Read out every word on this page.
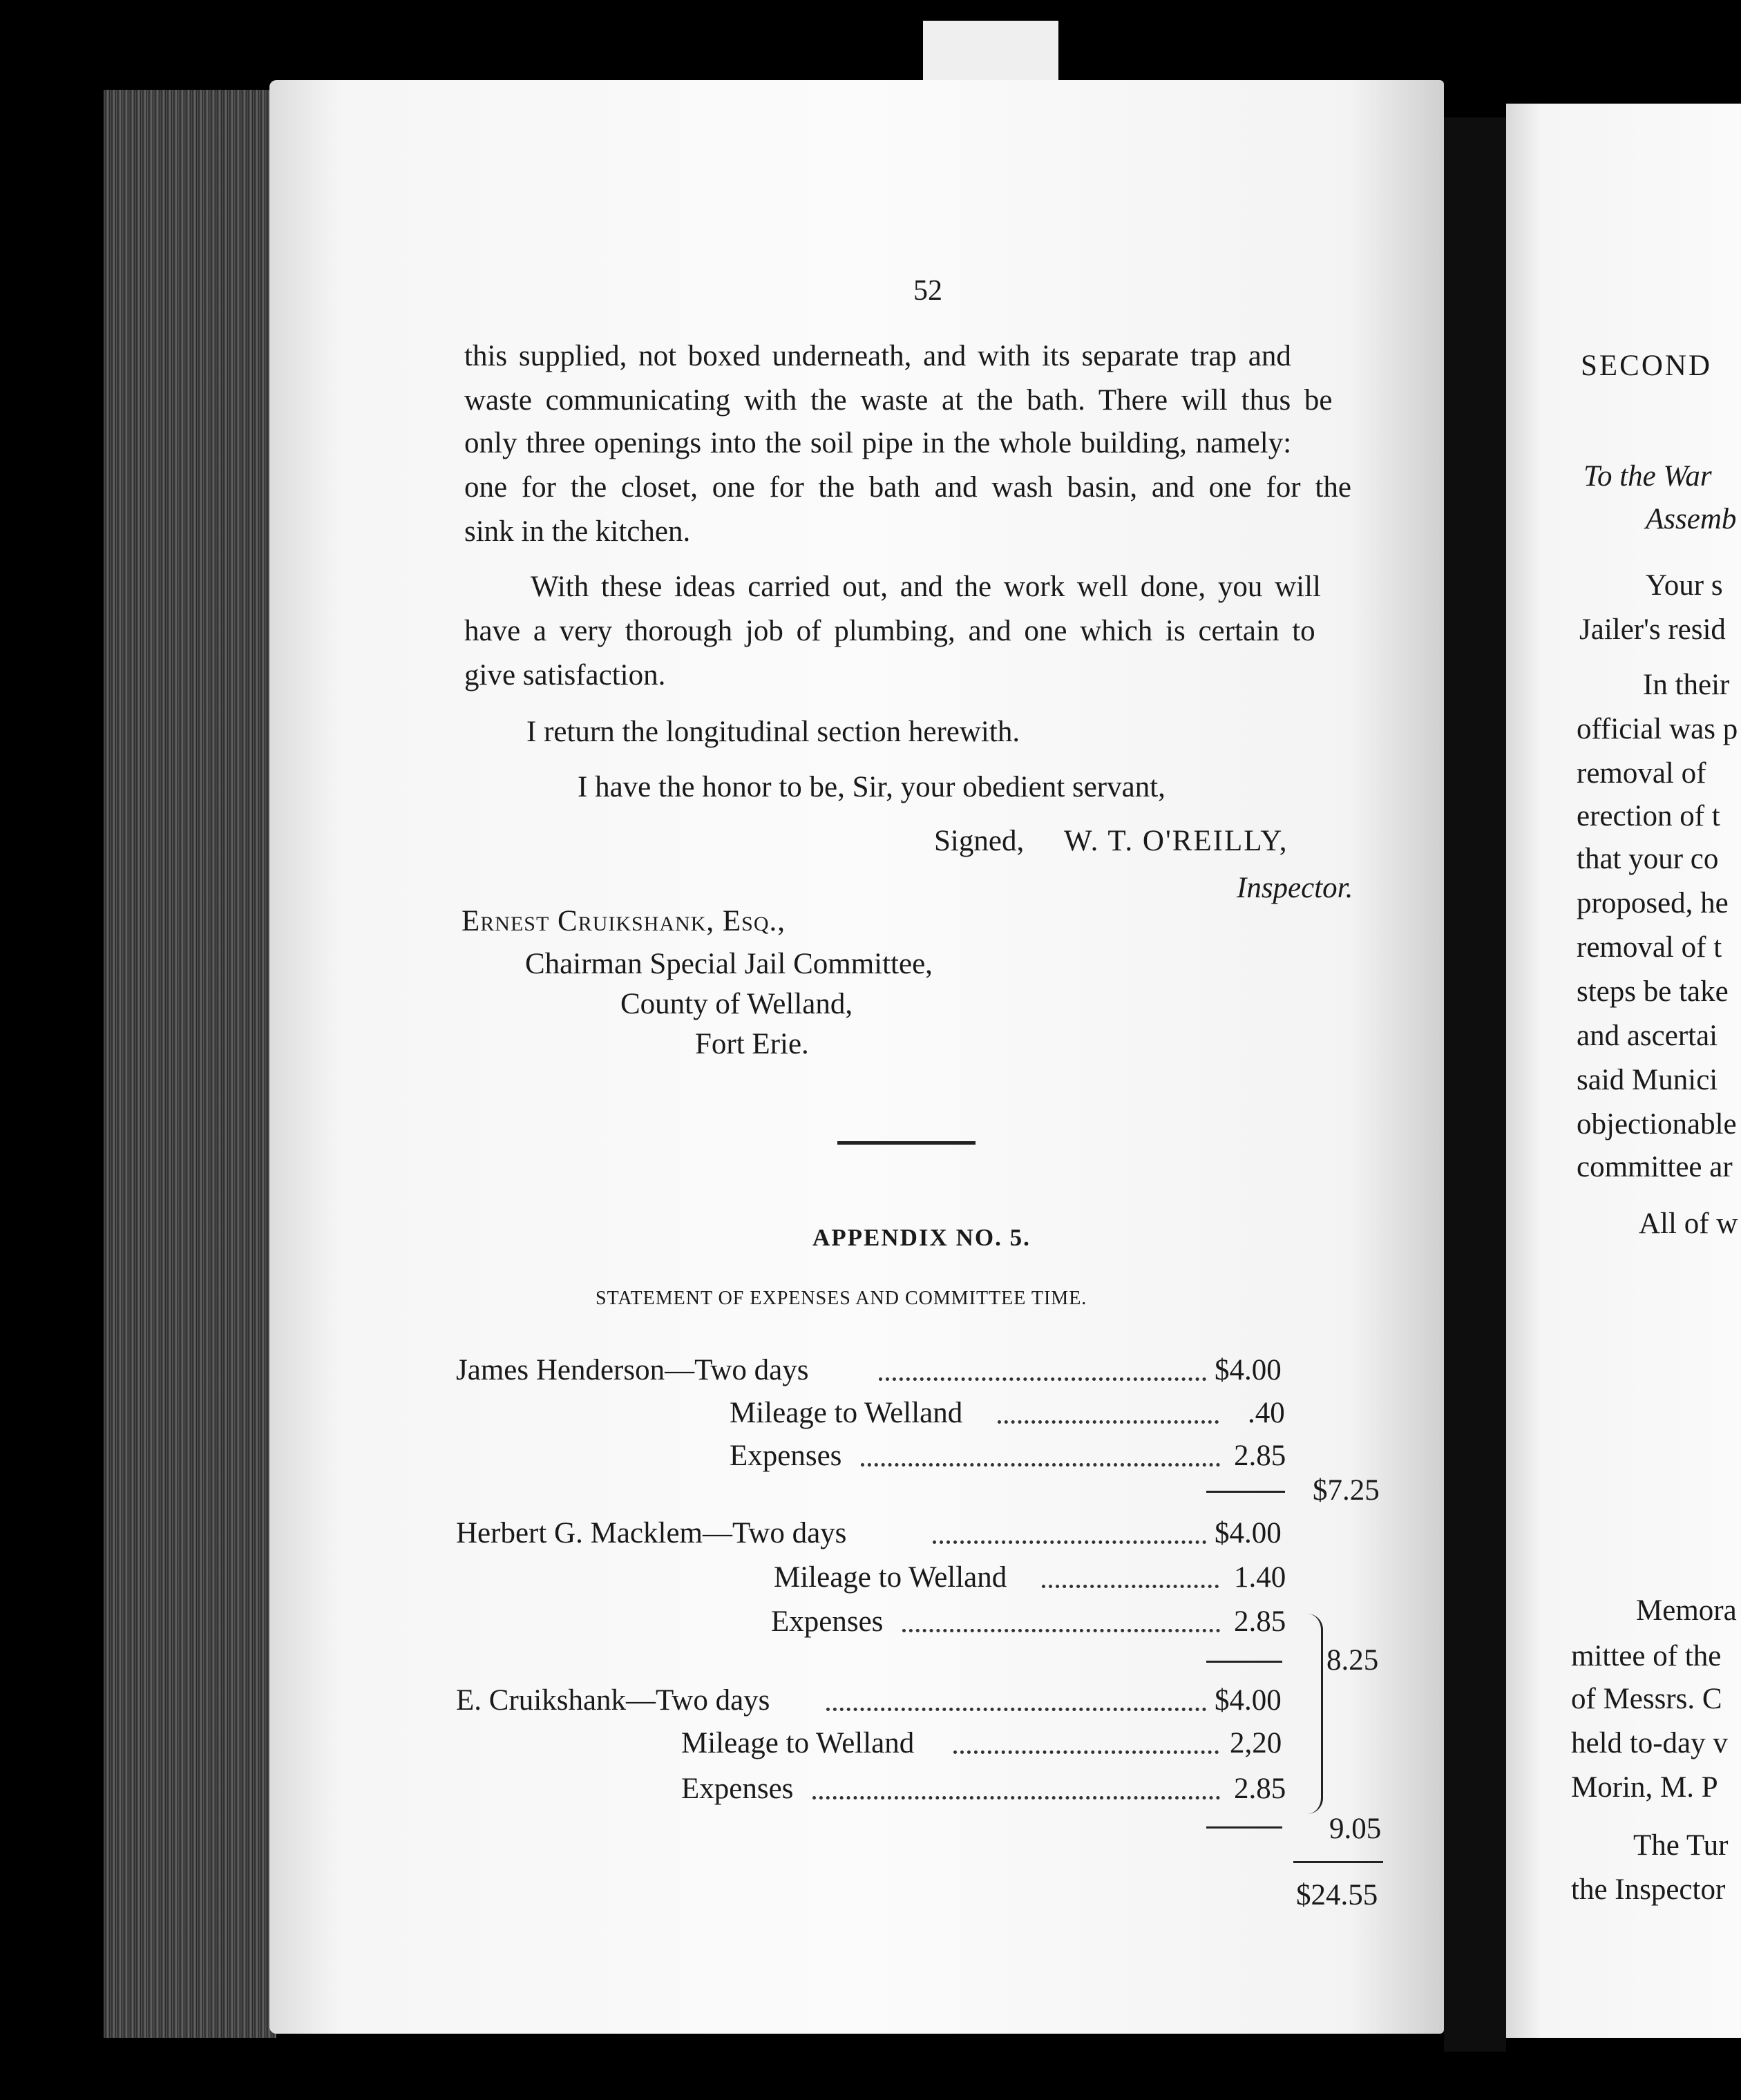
52
this supplied, not boxed underneath, and with its separate trap and
waste communicating with the waste at the bath. There will thus be
only three openings into the soil pipe in the whole building, namely:
one for the closet, one for the bath and wash basin, and one for the
sink in the kitchen.
With these ideas carried out, and the work well done, you will
have a very thorough job of plumbing, and one which is certain to
give satisfaction.
I return the longitudinal section herewith.
I have the honor to be, Sir, your obedient servant,
Signed, W. T. O'REILLY,
Inspector.
Ernest Cruikshank, Esq.,
Chairman Special Jail Committee,
County of Welland,
Fort Erie.
APPENDIX NO. 5.
STATEMENT OF EXPENSES AND COMMITTEE TIME.
James Henderson—Two days	$4.00
Mileage to Welland	.40
Expenses	2.85
$7.25
Herbert G. Macklem—Two days	$4.00
Mileage to Welland	1.40
Expenses	2.85
8.25
E. Cruikshank—Two days	$4.00
Mileage to Welland	2,20
Expenses	2.85
9.05
$24.55
SECOND
To the War
Assemb
Your s
Jailer's resid
In their
official was p
removal of
erection of t
that your co
proposed, he
removal of t
steps be take
and ascertai
said Munici
objectionable
committee ar
All of w
Memora
mittee of the
of Messrs. C
held to-day v
Morin, M. P
The Tur
the Inspector
